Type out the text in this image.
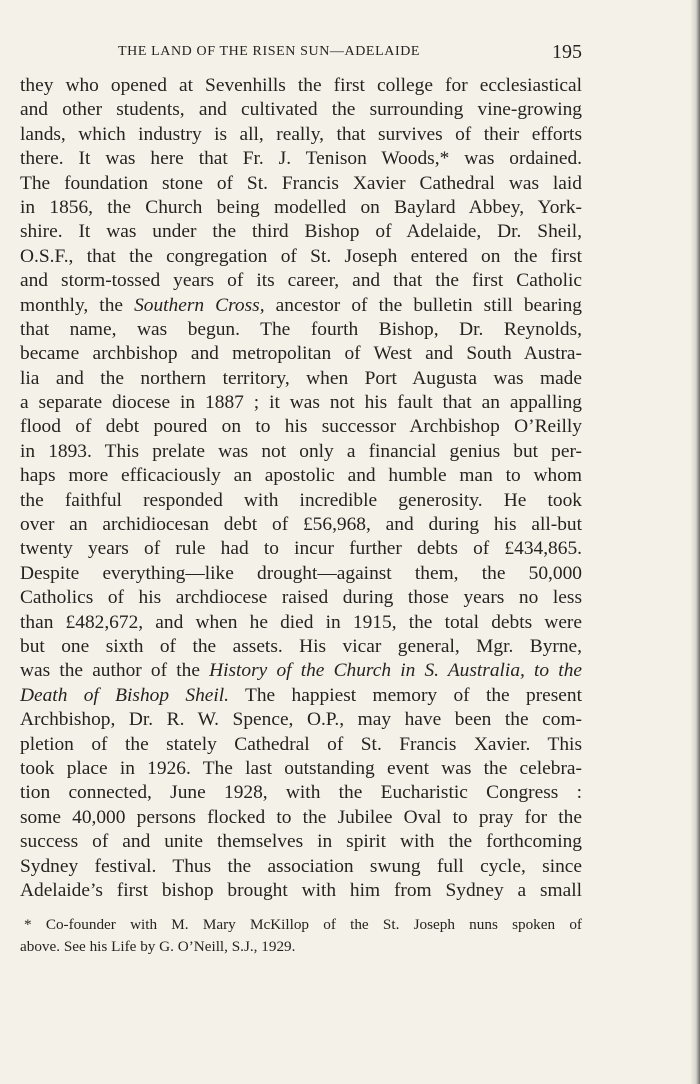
THE LAND OF THE RISEN SUN—ADELAIDE	195
they who opened at Sevenhills the first college for ecclesiastical
and other students, and cultivated the surrounding vine-growing
lands, which industry is all, really, that survives of their efforts
there. It was here that Fr. J. Tenison Woods,* was ordained.
The foundation stone of St. Francis Xavier Cathedral was laid
in 1856, the Church being modelled on Baylard Abbey, York-
shire. It was under the third Bishop of Adelaide, Dr. Sheil,
O.S.F., that the congregation of St. Joseph entered on the first
and storm-tossed years of its career, and that the first Catholic
monthly, the Southern Cross, ancestor of the bulletin still bearing
that name, was begun. The fourth Bishop, Dr. Reynolds,
became archbishop and metropolitan of West and South Austra-
lia and the northern territory, when Port Augusta was made
a separate diocese in 1887 ; it was not his fault that an appalling
flood of debt poured on to his successor Archbishop O’Reilly
in 1893. This prelate was not only a financial genius but per-
haps more efficaciously an apostolic and humble man to whom
the faithful responded with incredible generosity. He took
over an archidiocesan debt of £56,968, and during his all-but
twenty years of rule had to incur further debts of £434,865.
Despite everything—like drought—against them, the 50,000
Catholics of his archdiocese raised during those years no less
than £482,672, and when he died in 1915, the total debts were
but one sixth of the assets. His vicar general, Mgr. Byrne,
was the author of the History of the Church in S. Australia, to the
Death of Bishop Sheil. The happiest memory of the present
Archbishop, Dr. R. W. Spence, O.P., may have been the com-
pletion of the stately Cathedral of St. Francis Xavier. This
took place in 1926. The last outstanding event was the celebra-
tion connected, June 1928, with the Eucharistic Congress :
some 40,000 persons flocked to the Jubilee Oval to pray for the
success of and unite themselves in spirit with the forthcoming
Sydney festival. Thus the association swung full cycle, since
Adelaide’s first bishop brought with him from Sydney a small
* Co-founder with M. Mary McKillop of the St. Joseph nuns spoken of
above. See his Life by G. O’Neill, S.J., 1929.
